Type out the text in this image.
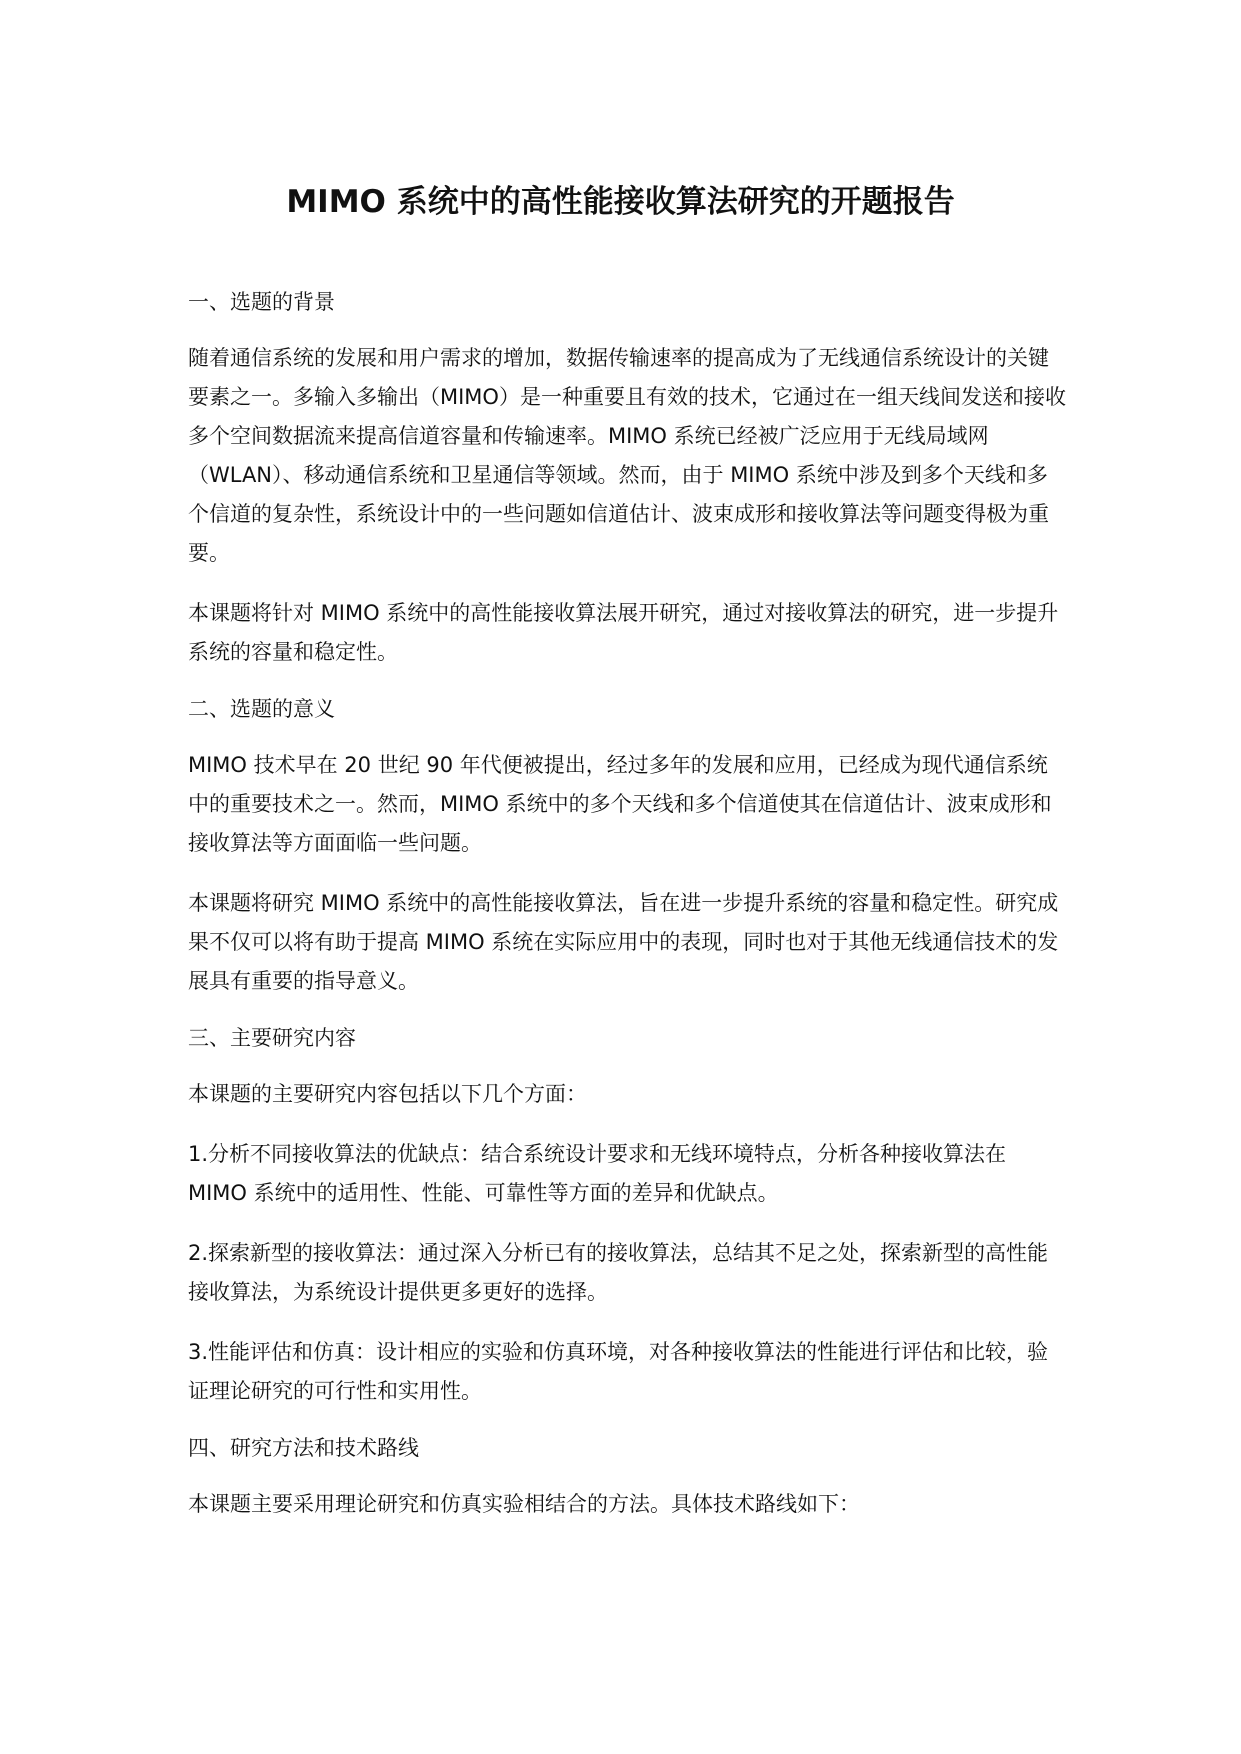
MIMO 系统中的高性能接收算法研究的开题报告

一、选题的背景

随着通信系统的发展和用户需求的增加，数据传输速率的提高成为了无线通信系统设计的关键要素之一。多输入多输出（MIMO）是一种重要且有效的技术，它通过在一组天线间发送和接收多个空间数据流来提高信道容量和传输速率。MIMO 系统已经被广泛应用于无线局域网（WLAN）、移动通信系统和卫星通信等领域。然而，由于 MIMO 系统中涉及到多个天线和多个信道的复杂性，系统设计中的一些问题如信道估计、波束成形和接收算法等问题变得极为重要。

本课题将针对 MIMO 系统中的高性能接收算法展开研究，通过对接收算法的研究，进一步提升系统的容量和稳定性。

二、选题的意义

MIMO 技术早在 20 世纪 90 年代便被提出，经过多年的发展和应用，已经成为现代通信系统中的重要技术之一。然而，MIMO 系统中的多个天线和多个信道使其在信道估计、波束成形和接收算法等方面面临一些问题。

本课题将研究 MIMO 系统中的高性能接收算法，旨在进一步提升系统的容量和稳定性。研究成果不仅可以将有助于提高 MIMO 系统在实际应用中的表现，同时也对于其他无线通信技术的发展具有重要的指导意义。

三、主要研究内容

本课题的主要研究内容包括以下几个方面：

1.分析不同接收算法的优缺点：结合系统设计要求和无线环境特点，分析各种接收算法在 MIMO 系统中的适用性、性能、可靠性等方面的差异和优缺点。

2.探索新型的接收算法：通过深入分析已有的接收算法，总结其不足之处，探索新型的高性能接收算法，为系统设计提供更多更好的选择。

3.性能评估和仿真：设计相应的实验和仿真环境，对各种接收算法的性能进行评估和比较，验证理论研究的可行性和实用性。

四、研究方法和技术路线

本课题主要采用理论研究和仿真实验相结合的方法。具体技术路线如下：
